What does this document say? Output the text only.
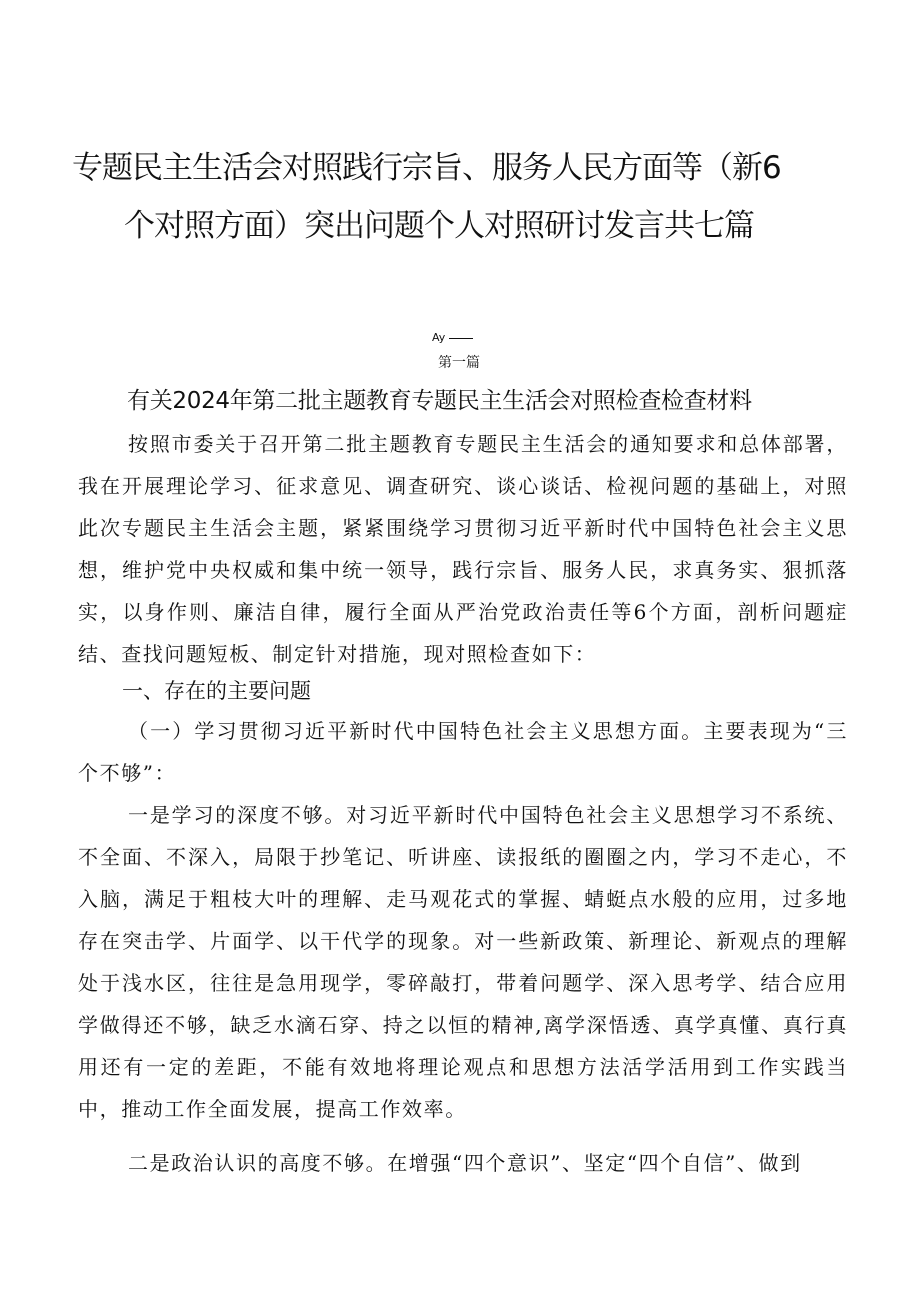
专题民主生活会对照践行宗旨、服务人民方面等（新6
个对照方面）突出问题个人对照研讨发言共七篇
Ay

第一篇

有关2024年第二批主题教育专题民主生活会对照检查检查材料

按照市委关于召开第二批主题教育专题民主生活会的通知要求和总体部署，我在开展理论学习、征求意见、调查研究、谈心谈话、检视问题的基础上，对照此次专题民主生活会主题，紧紧围绕学习贯彻习近平新时代中国特色社会主义思想，维护党中央权威和集中统一领导，践行宗旨、服务人民，求真务实、狠抓落实，以身作则、廉洁自律，履行全面从严治党政治责任等6个方面，剖析问题症结、查找问题短板、制定针对措施，现对照检查如下：

一、存在的主要问题

（一）学习贯彻习近平新时代中国特色社会主义思想方面。主要表现为“三个不够”：

一是学习的深度不够。对习近平新时代中国特色社会主义思想学习不系统、不全面、不深入，局限于抄笔记、听讲座、读报纸的圈圈之内，学习不走心，不入脑，满足于粗枝大叶的理解、走马观花式的掌握、蜻蜓点水般的应用，过多地存在突击学、片面学、以干代学的现象。对一些新政策、新理论、新观点的理解处于浅水区，往往是急用现学，零碎敲打，带着问题学、深入思考学、结合应用学做得还不够，缺乏水滴石穿、持之以恒的精神,离学深悟透、真学真懂、真行真用还有一定的差距，不能有效地将理论观点和思想方法活学活用到工作实践当中，推动工作全面发展，提高工作效率。

二是政治认识的高度不够。在增强“四个意识”、坚定“四个自信”、做到
